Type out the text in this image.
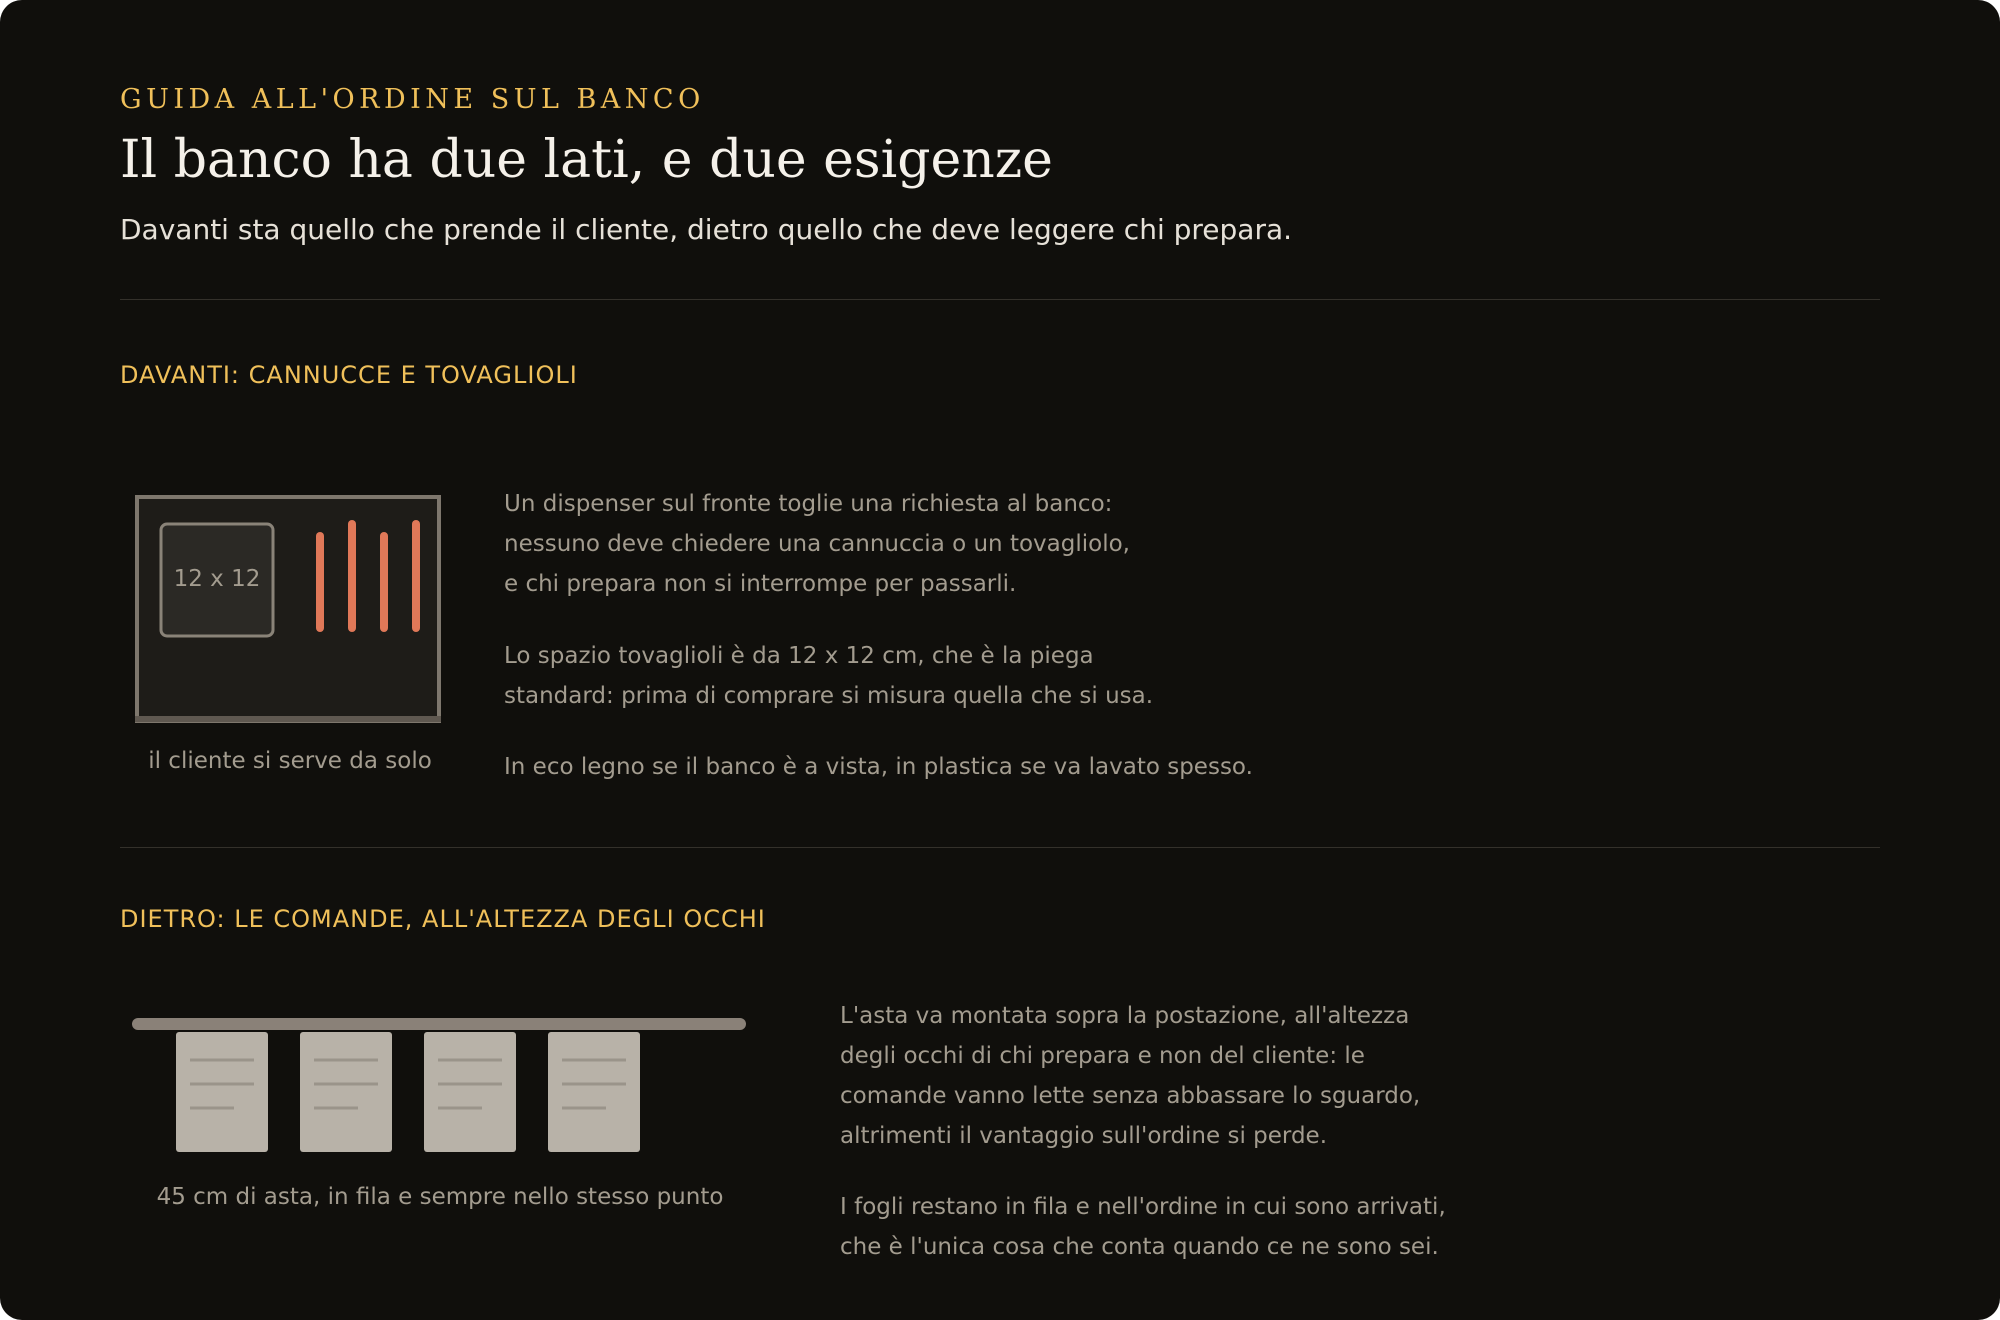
GUIDA ALL'ORDINE SUL BANCO
Il banco ha due lati, e due esigenze
Davanti sta quello che prende il cliente, dietro quello che deve leggere chi prepara.
DAVANTI: CANNUCCE E TOVAGLIOLI
12 x 12
il cliente si serve da solo
Un dispenser sul fronte toglie una richiesta al banco:
nessuno deve chiedere una cannuccia o un tovagliolo,
e chi prepara non si interrompe per passarli.
Lo spazio tovaglioli è da 12 x 12 cm, che è la piega
standard: prima di comprare si misura quella che si usa.
In eco legno se il banco è a vista, in plastica se va lavato spesso.
DIETRO: LE COMANDE, ALL'ALTEZZA DEGLI OCCHI
45 cm di asta, in fila e sempre nello stesso punto
L'asta va montata sopra la postazione, all'altezza
degli occhi di chi prepara e non del cliente: le
comande vanno lette senza abbassare lo sguardo,
altrimenti il vantaggio sull'ordine si perde.
I fogli restano in fila e nell'ordine in cui sono arrivati,
che è l'unica cosa che conta quando ce ne sono sei.
